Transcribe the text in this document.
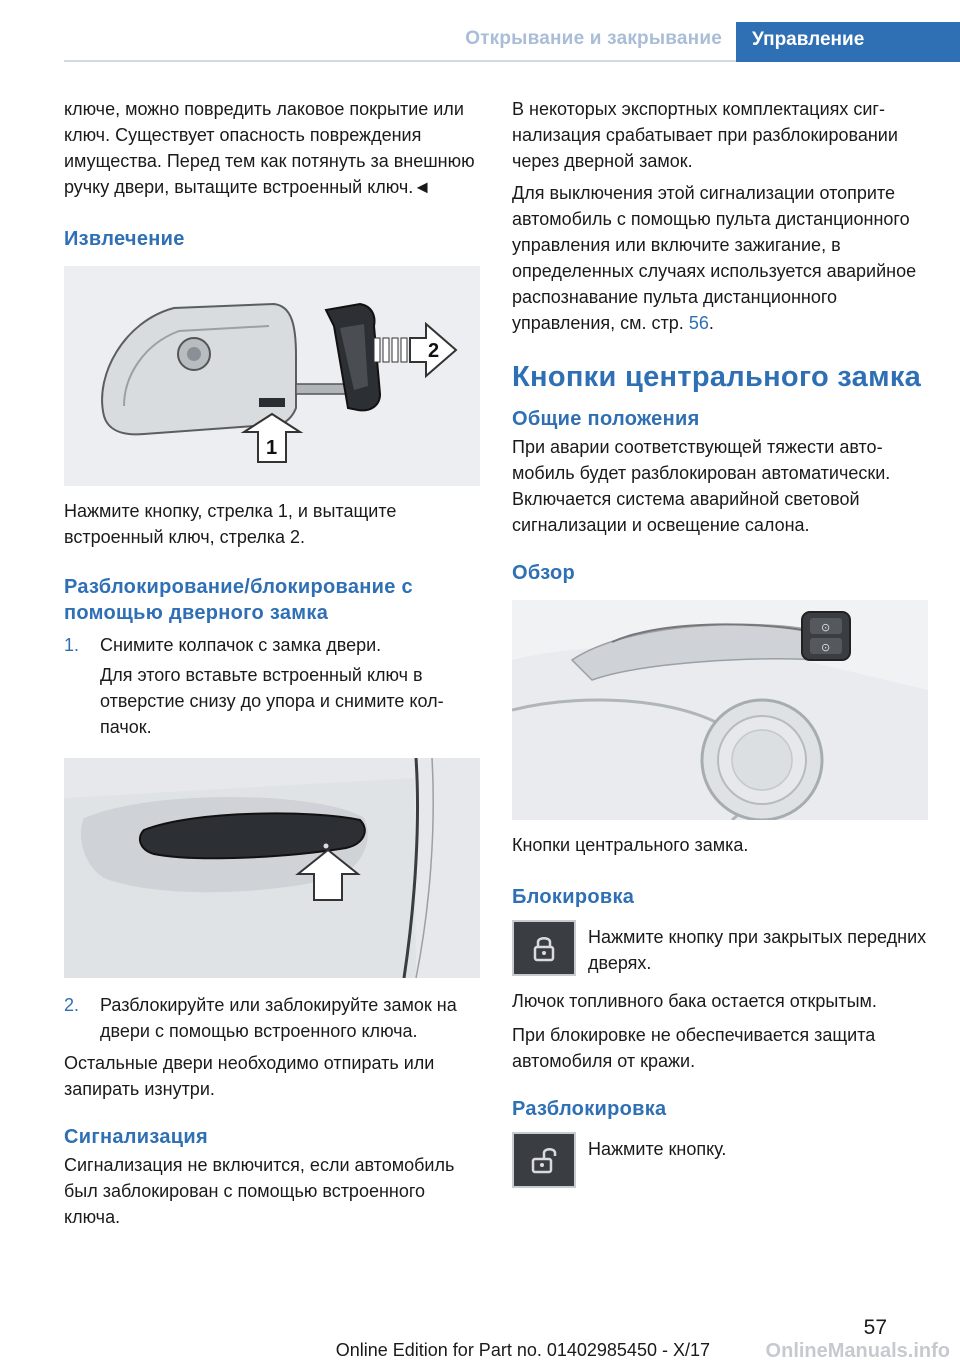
Открывание и закрывание	Управление

ключе, можно повредить лаковое покрытие или ключ. Существует опасность повреждения имущества. Перед тем как потянуть за внешнюю ручку двери, вытащите встроенный ключ.◄

Извлечение
2
1

Нажмите кнопку, стрелка 1, и вытащите встроенный ключ, стрелка 2.

Разблокирование/блокирование с помощью дверного замка
1.	Снимите колпачок с замка двери.
Для этого вставьте встроенный ключ в отверстие снизу до упора и снимите колпачок.
2.	Разблокируйте или заблокируйте замок на двери с помощью встроенного ключа.

Остальные двери необходимо отпирать или запирать изнутри.

Сигнализация

Сигнализация не включится, если автомобиль был заблокирован с помощью встроенного ключа.

В некоторых экспортных комплектациях сигнализация срабатывает при разблокировании через дверной замок.

Для выключения этой сигнализации отоприте автомобиль с помощью пульта дистанционного управления или включите зажигание, в определенных случаях используется аварийное распознавание пульта дистанционного управления, см. стр. 56.

Кнопки центрального замка
Общие положения

При аварии соответствующей тяжести автомобиль будет разблокирован автоматически. Включается система аварийной световой сигнализации и освещение салона.

Обзор
⊙
⊙

Кнопки центрального замка.

Блокировка
Нажмите кнопку при закрытых передних дверях.

Лючок топливного бака остается открытым.

При блокировке не обеспечивается защита автомобиля от кражи.

Разблокировка
Нажмите кнопку.
57
Online Edition for Part no. 01402985450 - X/17	OnlineManuals.info
